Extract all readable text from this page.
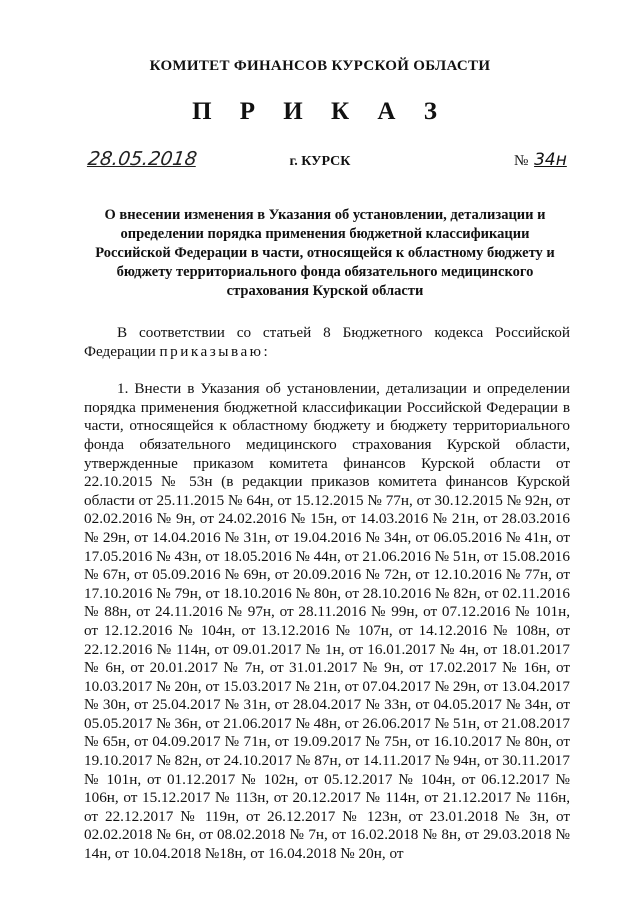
КОМИТЕТ ФИНАНСОВ КУРСКОЙ ОБЛАСТИ
П Р И К А З
28.05.2018	г. КУРСК	№ 34н
О внесении изменения в Указания об установлении, детализации и определении порядка применения бюджетной классификации Российской Федерации в части, относящейся к областному бюджету и бюджету территориального фонда обязательного медицинского страхования Курской области

В соответствии со статьей 8 Бюджетного кодекса Российской Федерации приказываю:

1. Внести в Указания об установлении, детализации и определении порядка применения бюджетной классификации Российской Федерации в части, относящейся к областному бюджету и бюджету территориального фонда обязательного медицинского страхования Курской области, утвержденные приказом комитета финансов Курской области от 22.10.2015 № 53н (в редакции приказов комитета финансов Курской области от 25.11.2015 № 64н, от 15.12.2015 № 77н, от 30.12.2015 № 92н, от 02.02.2016 № 9н, от 24.02.2016 № 15н, от 14.03.2016 № 21н, от 28.03.2016 № 29н, от 14.04.2016 № 31н, от 19.04.2016 № 34н, от 06.05.2016 № 41н, от 17.05.2016 № 43н, от 18.05.2016 № 44н, от 21.06.2016 № 51н, от 15.08.2016 № 67н, от 05.09.2016 № 69н, от 20.09.2016 № 72н, от 12.10.2016 № 77н, от 17.10.2016 № 79н, от 18.10.2016 № 80н, от 28.10.2016 № 82н, от 02.11.2016 № 88н, от 24.11.2016 № 97н, от 28.11.2016 № 99н, от 07.12.2016 № 101н, от 12.12.2016 № 104н, от 13.12.2016 № 107н, от 14.12.2016 № 108н, от 22.12.2016 № 114н, от 09.01.2017 № 1н, от 16.01.2017 № 4н, от 18.01.2017 № 6н, от 20.01.2017 № 7н, от 31.01.2017 № 9н, от 17.02.2017 № 16н, от 10.03.2017 № 20н, от 15.03.2017 № 21н, от 07.04.2017 № 29н, от 13.04.2017 № 30н, от 25.04.2017 № 31н, от 28.04.2017 № 33н, от 04.05.2017 № 34н, от 05.05.2017 № 36н, от 21.06.2017 № 48н, от 26.06.2017 № 51н, от 21.08.2017 № 65н, от 04.09.2017 № 71н, от 19.09.2017 № 75н, от 16.10.2017 № 80н, от 19.10.2017 № 82н, от 24.10.2017 № 87н, от 14.11.2017 № 94н, от 30.11.2017 № 101н, от 01.12.2017 № 102н, от 05.12.2017 № 104н, от 06.12.2017 № 106н, от 15.12.2017 № 113н, от 20.12.2017 № 114н, от 21.12.2017 № 116н, от 22.12.2017 № 119н, от 26.12.2017 № 123н, от 23.01.2018 № 3н, от 02.02.2018 № 6н, от 08.02.2018 № 7н, от 16.02.2018 № 8н, от 29.03.2018 № 14н, от 10.04.2018 №18н, от 16.04.2018 № 20н, от
